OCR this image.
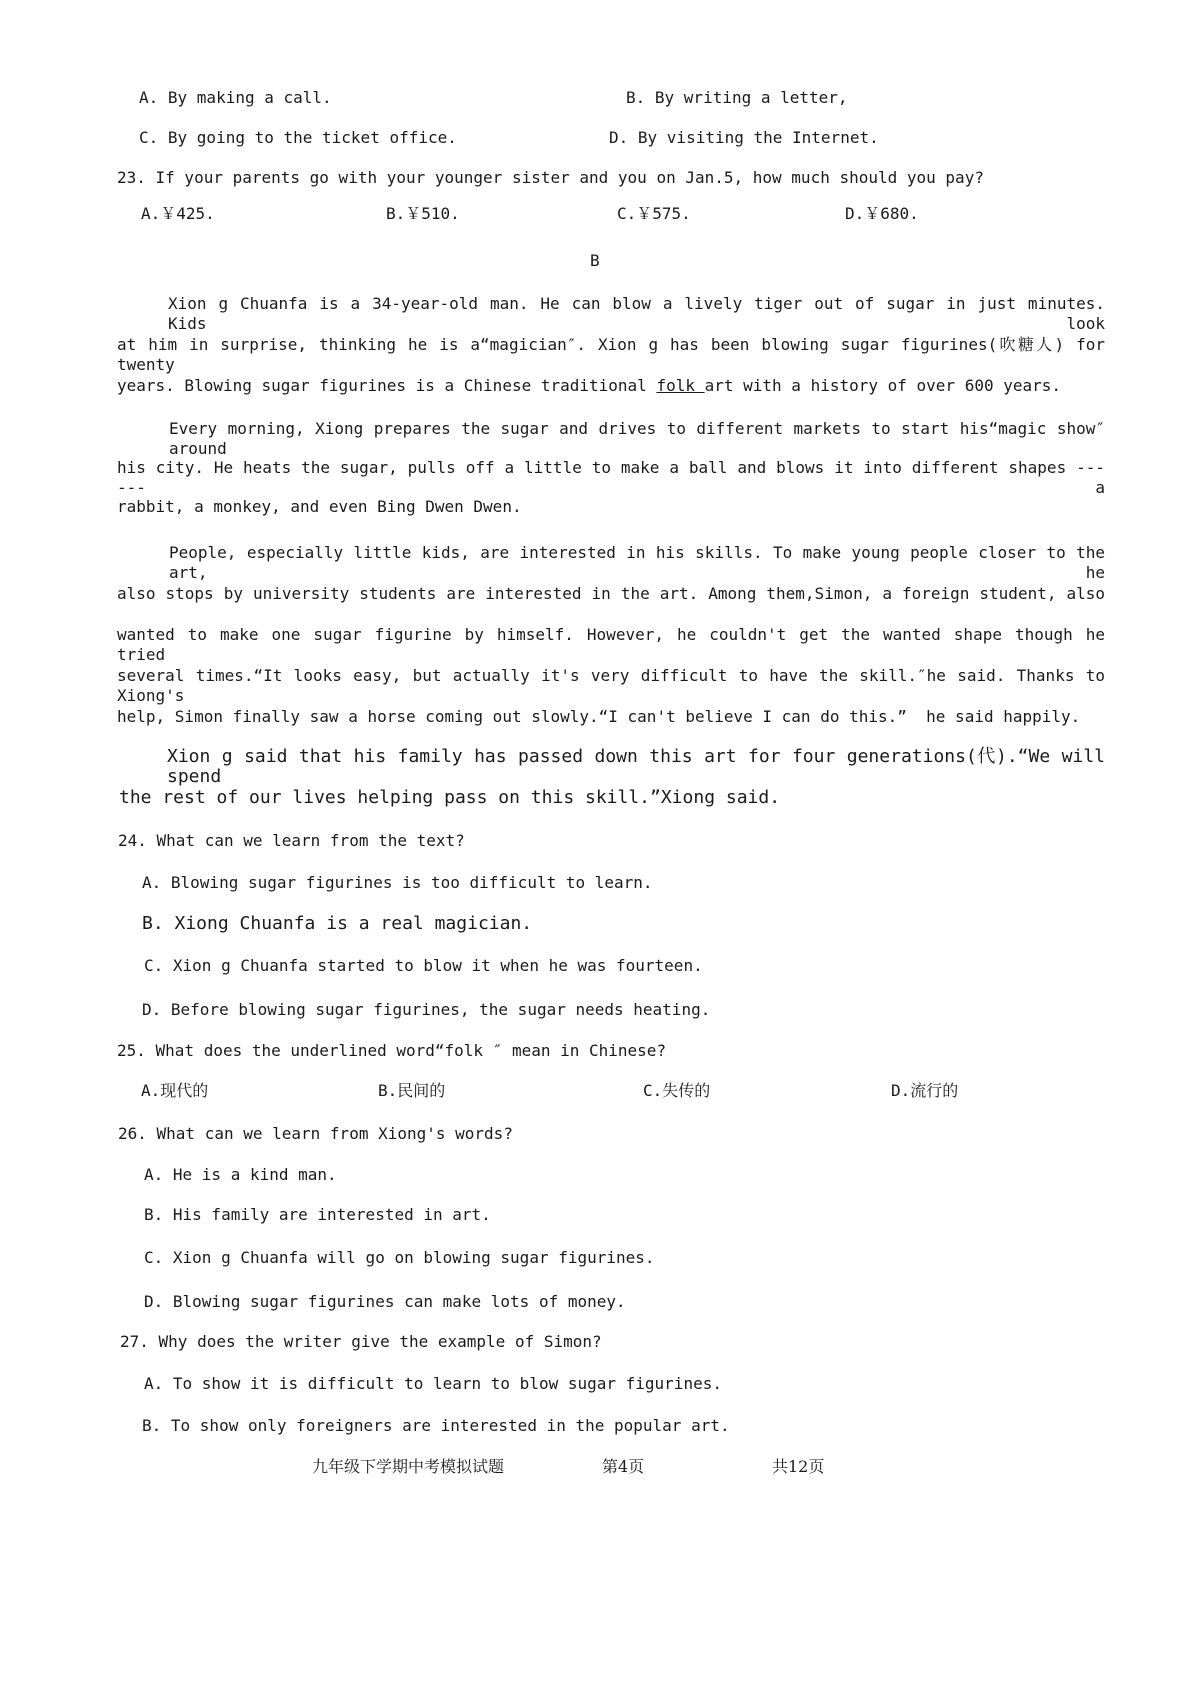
A. By making a call.	B. By writing a letter,
C. By going to the ticket office.	D. By visiting the Internet.
23. If your parents go with your younger sister and you on Jan.5, how much should you pay?
A.￥425.	B.￥510.	C.￥575.	D.￥680.
B
Xion g Chuanfa is a 34-year-old man. He can blow a lively tiger out of sugar in just minutes. Kids look
at him in surprise, thinking he is a“magician″. Xion g has been blowing sugar figurines(吹糖人) for twenty
years. Blowing sugar figurines is a Chinese traditional folk art with a history of over 600 years.
Every morning, Xiong prepares the sugar and drives to different markets to start his“magic show″ around
his city. He heats the sugar, pulls off a little to make a ball and blows it into different shapes ------ a
rabbit, a monkey, and even Bing Dwen Dwen.
People, especially little kids, are interested in his skills. To make young people closer to the art, he
also stops by university students are interested in the art. Among them,Simon, a foreign student, also
wanted to make one sugar figurine by himself. However, he couldn't get the wanted shape though he tried
several times.“It looks easy, but actually it's very difficult to have the skill.″he said. Thanks to Xiong's
help, Simon finally saw a horse coming out slowly.“I can't believe I can do this.”  he said happily.
Xion g said that his family has passed down this art for four generations(代).“We will spend
the rest of our lives helping pass on this skill.”Xiong said.
24. What can we learn from the text?
A. Blowing sugar figurines is too difficult to learn.
B. Xiong Chuanfa is a real magician.
C. Xion g Chuanfa started to blow it when he was fourteen.
D. Before blowing sugar figurines, the sugar needs heating.
25. What does the underlined word“folk ″ mean in Chinese?
A.现代的	B.民间的	C.失传的	D.流行的
26. What can we learn from Xiong's words?
A. He is a kind man.
B. His family are interested in art.
C. Xion g Chuanfa will go on blowing sugar figurines.
D. Blowing sugar figurines can make lots of money.
27. Why does the writer give the example of Simon?
A. To show it is difficult to learn to blow sugar figurines.
B. To show only foreigners are interested in the popular art.
九年级下学期中考模拟试题	第4页	共12页
